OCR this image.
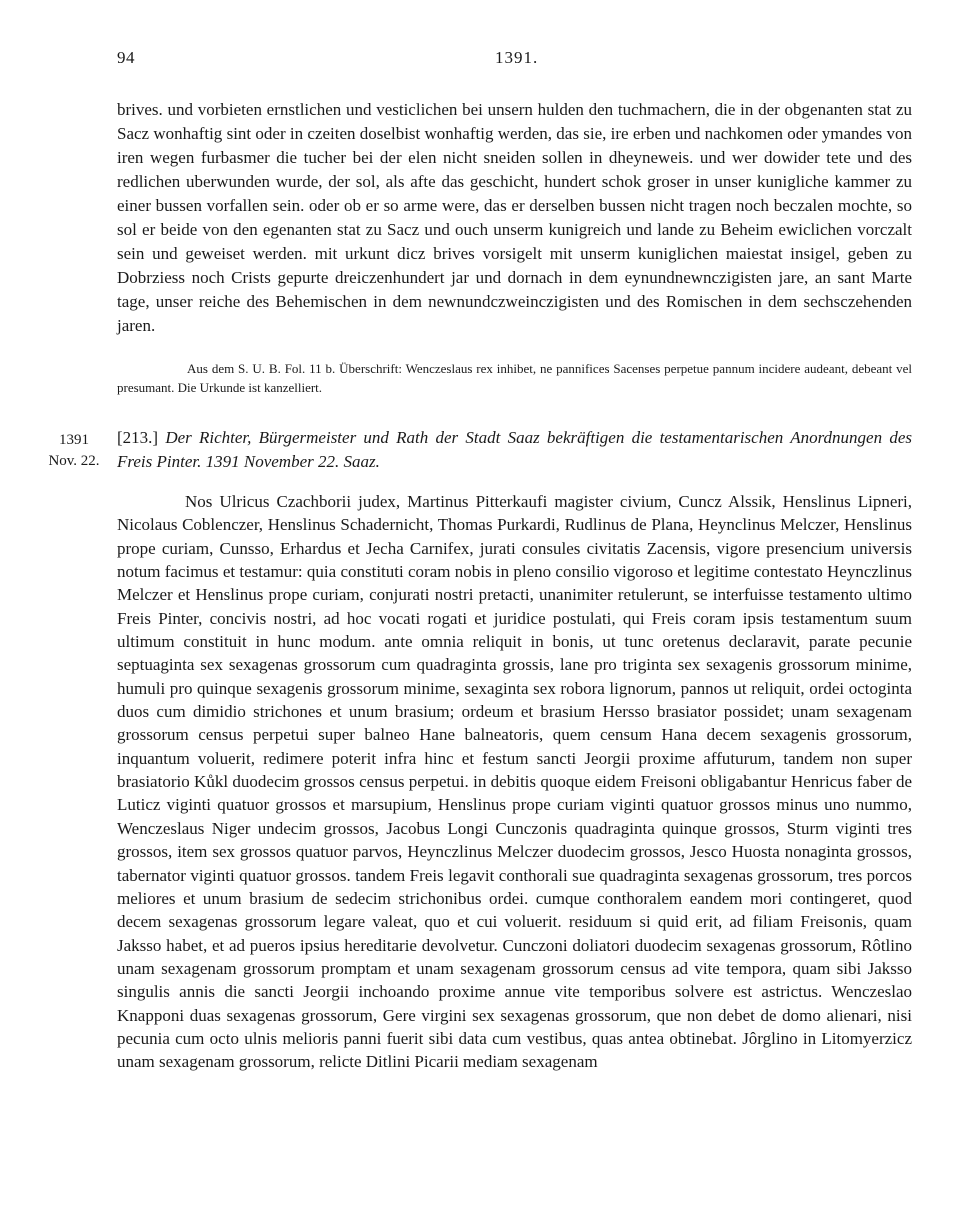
94	1391.
brives. und vorbieten ernstlichen und vesticlichen bei unsern hulden den tuchmachern, die in der obgenanten stat zu Sacz wonhaftig sint oder in czeiten doselbist wonhaftig werden, das sie, ire erben und nachkomen oder ymandes von iren wegen furbasmer die tucher bei der elen nicht sneiden sollen in dheyneweis. und wer dowider tete und des redlichen uberwunden wurde, der sol, als afte das geschicht, hundert schok groser in unser kunigliche kammer zu einer bussen vorfallen sein. oder ob er so arme were, das er derselben bussen nicht tragen noch beczalen mochte, so sol er beide von den egenanten stat zu Sacz und ouch unserm kunigreich und lande zu Beheim ewiclichen vorczalt sein und geweiset werden. mit urkunt dicz brives vorsigelt mit unserm kuniglichen maiestat insigel, geben zu Dobrziess noch Crists gepurte dreiczenhundert jar und dornach in dem eynundnewnczigisten jare, an sant Marte tage, unser reiche des Behemischen in dem newnundczweinczigisten und des Romischen in dem sechsczehenden jaren.
Aus dem S. U. B. Fol. 11 b. Überschrift: Wenczeslaus rex inhibet, ne pannifices Sacenses perpetue pannum incidere audeant, debeant vel presumant. Die Urkunde ist kanzelliert.
1391
Nov. 22.
[213.] Der Richter, Bürgermeister und Rath der Stadt Saaz bekräftigen die testamentarischen Anordnungen des Freis Pinter. 1391 November 22. Saaz.
Nos Ulricus Czachborii judex, Martinus Pitterkaufi magister civium, Cuncz Alssik, Henslinus Lipneri, Nicolaus Coblenczer, Henslinus Schadernicht, Thomas Purkardi, Rudlinus de Plana, Heynclinus Melczer, Henslinus prope curiam, Cunsso, Erhardus et Jecha Carnifex, jurati consules civitatis Zacensis, vigore presencium universis notum facimus et testamur: quia constituti coram nobis in pleno consilio vigoroso et legitime contestato Heynczlinus Melczer et Henslinus prope curiam, conjurati nostri pretacti, unanimiter retulerunt, se interfuisse testamento ultimo Freis Pinter, concivis nostri, ad hoc vocati rogati et juridice postulati, qui Freis coram ipsis testamentum suum ultimum constituit in hunc modum. ante omnia reliquit in bonis, ut tunc oretenus declaravit, parate pecunie septuaginta sex sexagenas grossorum cum quadraginta grossis, lane pro triginta sex sexagenis grossorum minime, humuli pro quinque sexagenis grossorum minime, sexaginta sex robora lignorum, pannos ut reliquit, ordei octoginta duos cum dimidio strichones et unum brasium; ordeum et brasium Hersso brasiator possidet; unam sexagenam grossorum census perpetui super balneo Hane balneatoris, quem censum Hana decem sexagenis grossorum, inquantum voluerit, redimere poterit infra hinc et festum sancti Jeorgii proxime affuturum, tandem non super brasiatorio Kůkl duodecim grossos census perpetui. in debitis quoque eidem Freisoni obligabantur Henricus faber de Luticz viginti quatuor grossos et marsupium, Henslinus prope curiam viginti quatuor grossos minus uno nummo, Wenczeslaus Niger undecim grossos, Jacobus Longi Cunczonis quadraginta quinque grossos, Sturm viginti tres grossos, item sex grossos quatuor parvos, Heynczlinus Melczer duodecim grossos, Jesco Huosta nonaginta grossos, tabernator viginti quatuor grossos. tandem Freis legavit conthorali sue quadraginta sexagenas grossorum, tres porcos meliores et unum brasium de sedecim strichonibus ordei. cumque conthoralem eandem mori contingeret, quod decem sexagenas grossorum legare valeat, quo et cui voluerit. residuum si quid erit, ad filiam Freisonis, quam Jaksso habet, et ad pueros ipsius hereditarie devolvetur. Cunczoni doliatori duodecim sexagenas grossorum, Rôtlino unam sexagenam grossorum promptam et unam sexagenam grossorum census ad vite tempora, quam sibi Jaksso singulis annis die sancti Jeorgii inchoando proxime annue vite temporibus solvere est astrictus. Wenczeslao Knapponi duas sexagenas grossorum, Gere virgini sex sexagenas grossorum, que non debet de domo alienari, nisi pecunia cum octo ulnis melioris panni fuerit sibi data cum vestibus, quas antea obtinebat. Jôrglino in Litomyerzicz unam sexagenam grossorum, relicte Ditlini Picarii mediam sexagenam
